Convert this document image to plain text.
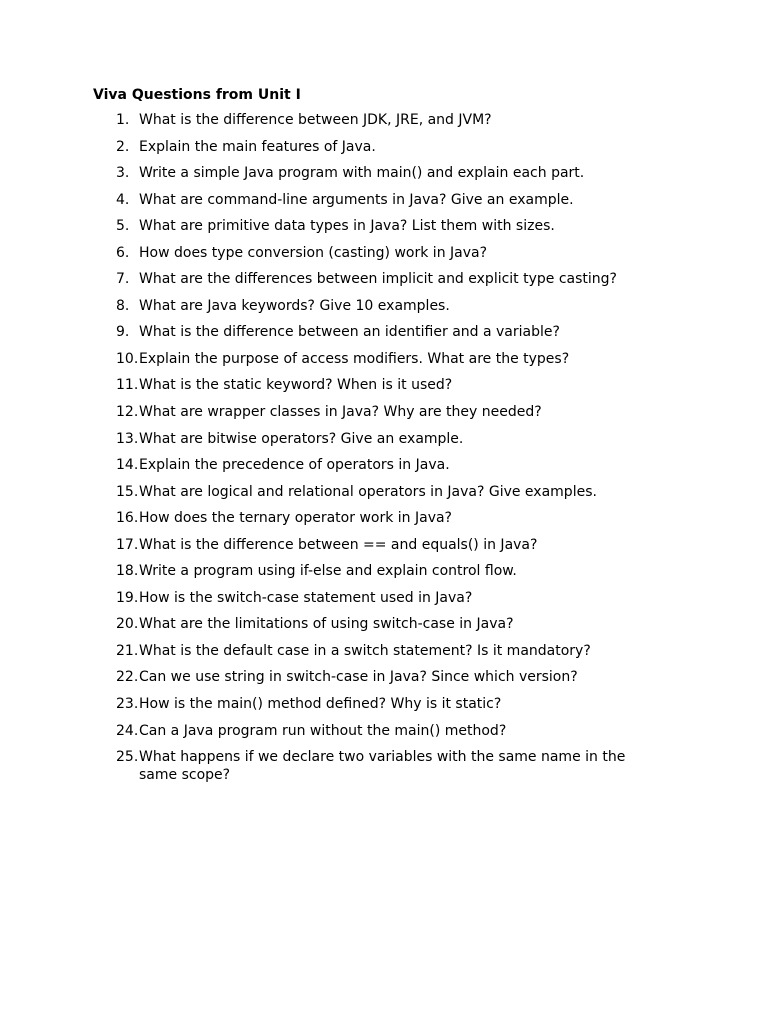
Viva Questions from Unit I
1. What is the difference between JDK, JRE, and JVM?
2. Explain the main features of Java.
3. Write a simple Java program with main() and explain each part.
4. What are command-line arguments in Java? Give an example.
5. What are primitive data types in Java? List them with sizes.
6. How does type conversion (casting) work in Java?
7. What are the differences between implicit and explicit type casting?
8. What are Java keywords? Give 10 examples.
9. What is the difference between an identifier and a variable?
10. Explain the purpose of access modifiers. What are the types?
11. What is the static keyword? When is it used?
12. What are wrapper classes in Java? Why are they needed?
13. What are bitwise operators? Give an example.
14. Explain the precedence of operators in Java.
15. What are logical and relational operators in Java? Give examples.
16. How does the ternary operator work in Java?
17. What is the difference between == and equals() in Java?
18. Write a program using if-else and explain control flow.
19. How is the switch-case statement used in Java?
20. What are the limitations of using switch-case in Java?
21. What is the default case in a switch statement? Is it mandatory?
22. Can we use string in switch-case in Java? Since which version?
23. How is the main() method defined? Why is it static?
24. Can a Java program run without the main() method?
25. What happens if we declare two variables with the same name in the same scope?
